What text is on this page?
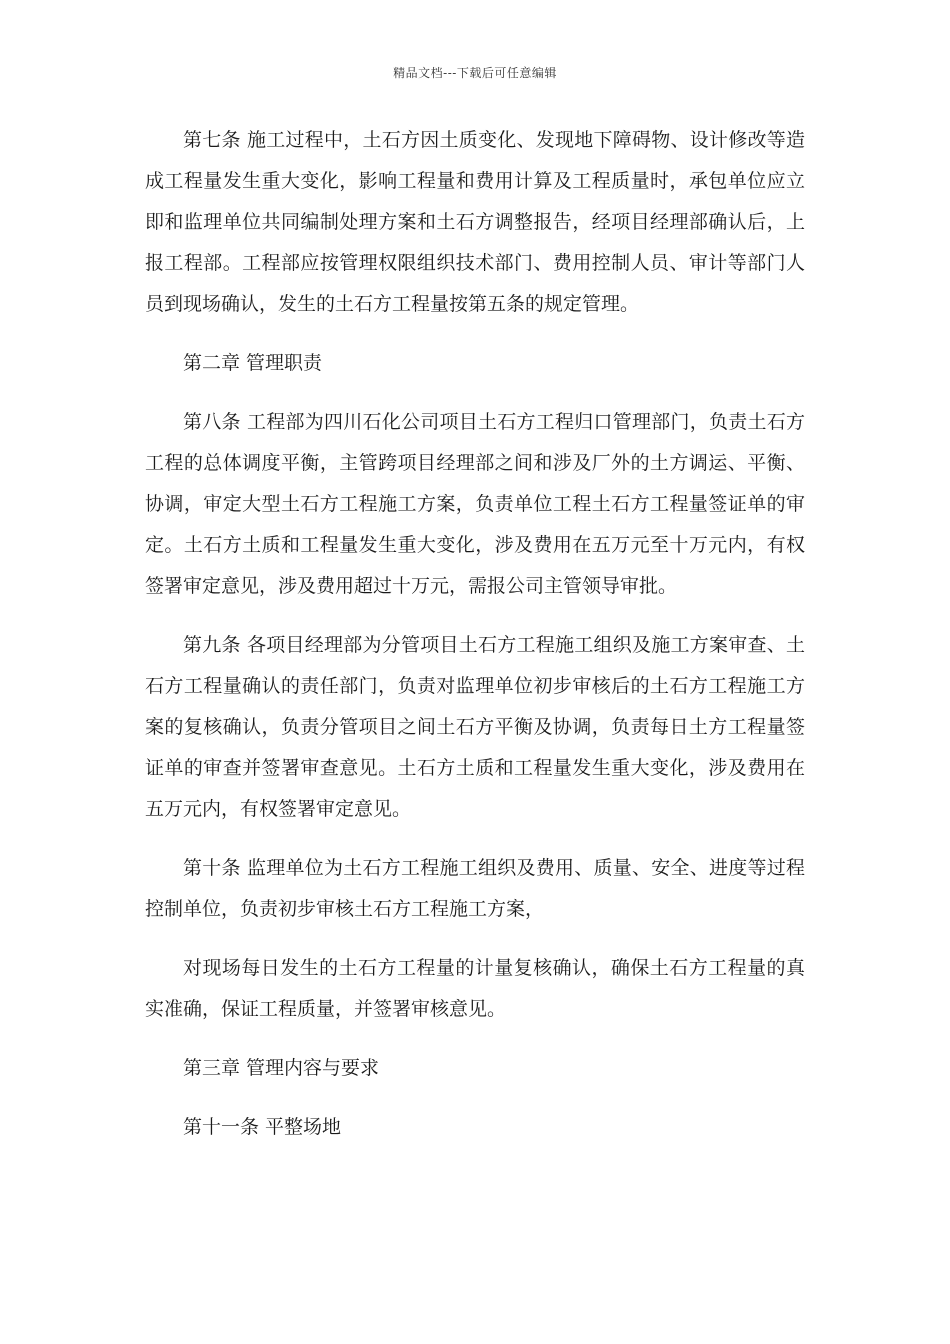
精品文档---下载后可任意编辑

第七条 施工过程中，土石方因土质变化、发现地下障碍物、设计修改等造成工程量发生重大变化，影响工程量和费用计算及工程质量时，承包单位应立即和监理单位共同编制处理方案和土石方调整报告，经项目经理部确认后，上报工程部。工程部应按管理权限组织技术部门、费用控制人员、审计等部门人员到现场确认，发生的土石方工程量按第五条的规定管理。

第二章 管理职责

第八条 工程部为四川石化公司项目土石方工程归口管理部门，负责土石方工程的总体调度平衡，主管跨项目经理部之间和涉及厂外的土方调运、平衡、协调，审定大型土石方工程施工方案，负责单位工程土石方工程量签证单的审定。土石方土质和工程量发生重大变化，涉及费用在五万元至十万元内，有权签署审定意见，涉及费用超过十万元，需报公司主管领导审批。

第九条 各项目经理部为分管项目土石方工程施工组织及施工方案审查、土石方工程量确认的责任部门，负责对监理单位初步审核后的土石方工程施工方案的复核确认，负责分管项目之间土石方平衡及协调，负责每日土方工程量签证单的审查并签署审查意见。土石方土质和工程量发生重大变化，涉及费用在五万元内，有权签署审定意见。

第十条 监理单位为土石方工程施工组织及费用、质量、安全、进度等过程控制单位，负责初步审核土石方工程施工方案，

对现场每日发生的土石方工程量的计量复核确认，确保土石方工程量的真实准确，保证工程质量，并签署审核意见。

第三章 管理内容与要求

第十一条 平整场地
